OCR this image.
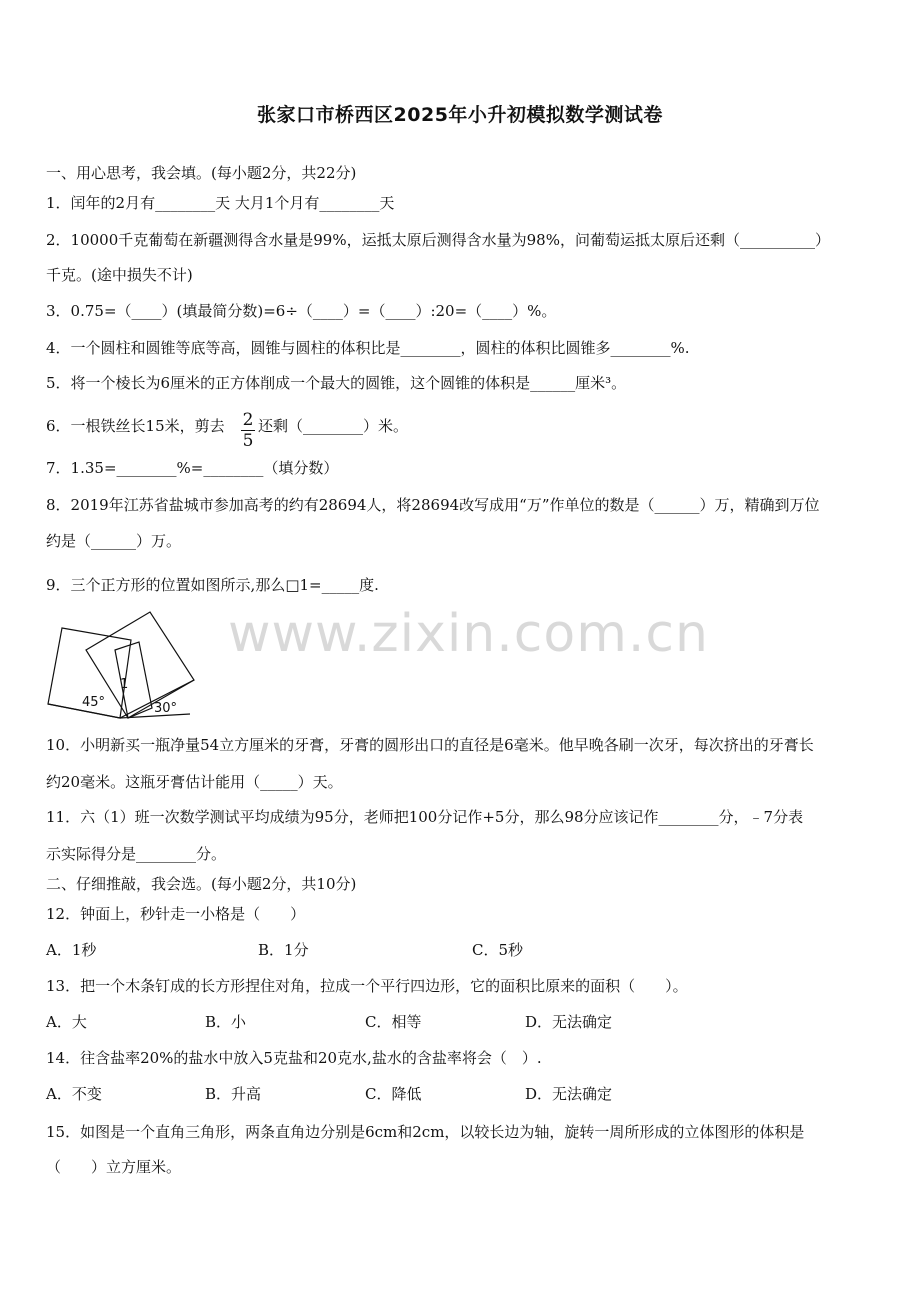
张家口市桥西区2025年小升初模拟数学测试卷
一、用心思考，我会填。(每小题2分，共22分)
1．闰年的2月有________天 大月1个月有________天
2．10000千克葡萄在新疆测得含水量是99%，运抵太原后测得含水量为98%，问葡萄运抵太原后还剩（__________）
千克。(途中损失不计)
3．0.75=（____）(填最简分数)=6÷（____）=（____）:20=（____）%。
4．一个圆柱和圆锥等底等高，圆锥与圆柱的体积比是________，圆柱的体积比圆锥多________%.
5．将一个棱长为6厘米的正方体削成一个最大的圆锥，这个圆锥的体积是______厘米³。
6．一根铁丝长15米，剪去	2
5
还剩（________）米。
7．1.35=________%=________（填分数）
8．2019年江苏省盐城市参加高考的约有28694人，将28694改写成用“万”作单位的数是（______）万，精确到万位
约是（______）万。
9．三个正方形的位置如图所示,那么□1=_____度.
www.zixin.com.cn
45°	30°
1
10．小明新买一瓶净量54立方厘米的牙膏，牙膏的圆形出口的直径是6毫米。他早晚各刷一次牙，每次挤出的牙膏长
约20毫米。这瓶牙膏估计能用（_____）天。
11．六（1）班一次数学测试平均成绩为95分，老师把100分记作+5分，那么98分应该记作________分，﹣7分表
示实际得分是________分。
二、仔细推敲，我会选。(每小题2分，共10分)
12．钟面上，秒针走一小格是（　　）
A．1秒	B．1分	C．5秒
13．把一个木条钉成的长方形捏住对角，拉成一个平行四边形，它的面积比原来的面积（　　）。
A．大	B．小	C．相等	D．无法确定
14．往含盐率20%的盐水中放入5克盐和20克水,盐水的含盐率将会（　）.
A．不变	B．升高	C．降低	D．无法确定
15．如图是一个直角三角形，两条直角边分别是6cm和2cm，以较长边为轴，旋转一周所形成的立体图形的体积是
（　　）立方厘米。
